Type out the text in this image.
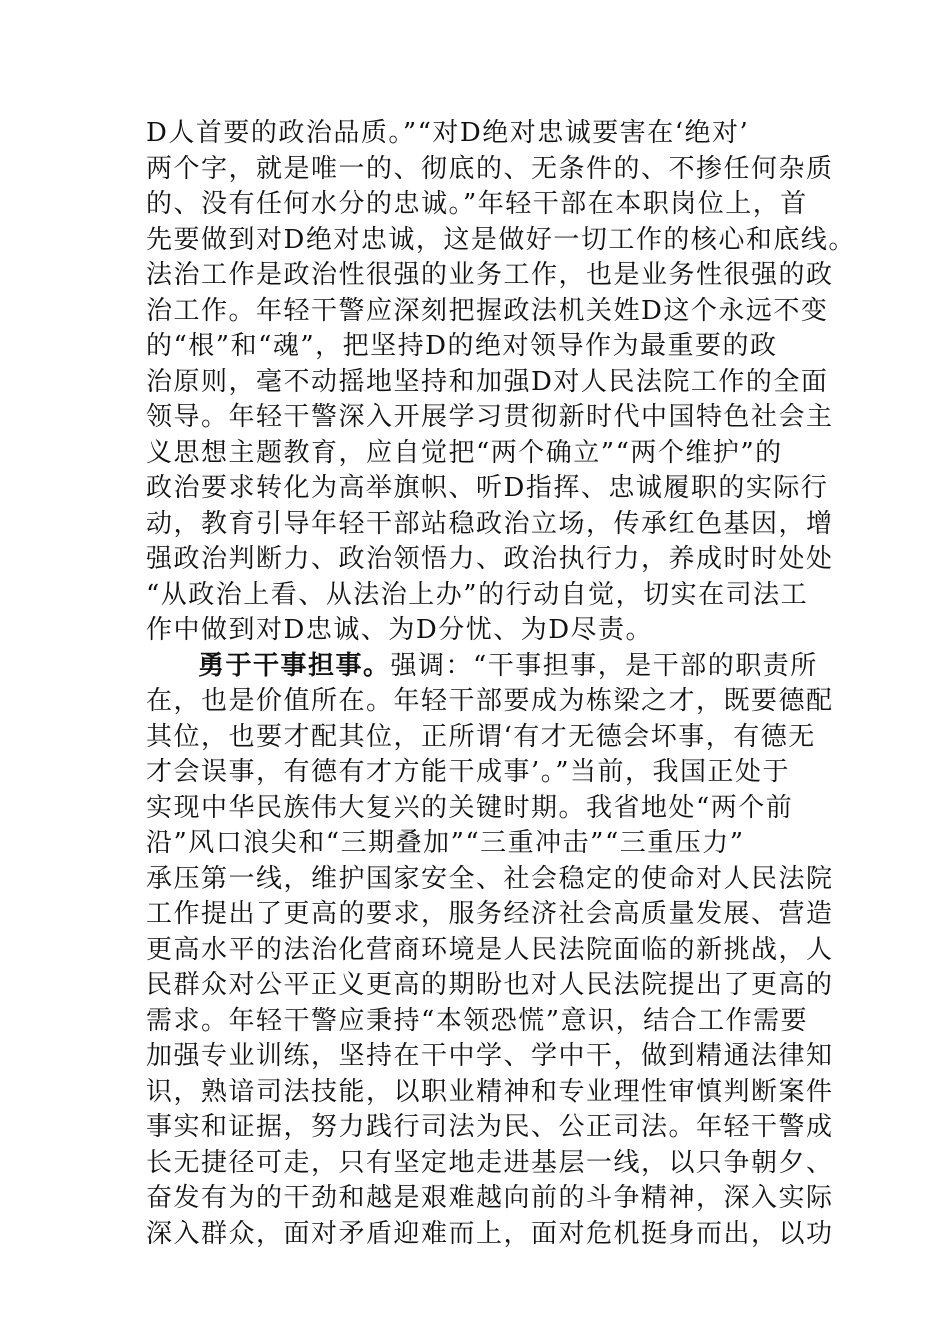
D人首要的政治品质。”“对D绝对忠诚要害在‘绝对’
两个字，就是唯一的、彻底的、无条件的、不掺任何杂质
的、没有任何水分的忠诚。”年轻干部在本职岗位上，首
先要做到对D绝对忠诚，这是做好一切工作的核心和底线。
法治工作是政治性很强的业务工作，也是业务性很强的政
治工作。年轻干警应深刻把握政法机关姓D这个永远不变
的“根”和“魂”，把坚持D的绝对领导作为最重要的政
治原则，毫不动摇地坚持和加强D对人民法院工作的全面
领导。年轻干警深入开展学习贯彻新时代中国特色社会主
义思想主题教育，应自觉把“两个确立”“两个维护”的
政治要求转化为高举旗帜、听D指挥、忠诚履职的实际行
动，教育引导年轻干部站稳政治立场，传承红色基因，增
强政治判断力、政治领悟力、政治执行力，养成时时处处
“从政治上看、从法治上办”的行动自觉，切实在司法工
作中做到对D忠诚、为D分忧、为D尽责。
勇于干事担事。强调：“干事担事，是干部的职责所
在，也是价值所在。年轻干部要成为栋梁之才，既要德配
其位，也要才配其位，正所谓‘有才无德会坏事，有德无
才会误事，有德有才方能干成事’。”当前，我国正处于
实现中华民族伟大复兴的关键时期。我省地处“两个前
沿”风口浪尖和“三期叠加”“三重冲击”“三重压力”
承压第一线，维护国家安全、社会稳定的使命对人民法院
工作提出了更高的要求，服务经济社会高质量发展、营造
更高水平的法治化营商环境是人民法院面临的新挑战，人
民群众对公平正义更高的期盼也对人民法院提出了更高的
需求。年轻干警应秉持“本领恐慌”意识，结合工作需要
加强专业训练，坚持在干中学、学中干，做到精通法律知
识，熟谙司法技能，以职业精神和专业理性审慎判断案件
事实和证据，努力践行司法为民、公正司法。年轻干警成
长无捷径可走，只有坚定地走进基层一线，以只争朝夕、
奋发有为的干劲和越是艰难越向前的斗争精神，深入实际
深入群众，面对矛盾迎难而上，面对危机挺身而出，以功
